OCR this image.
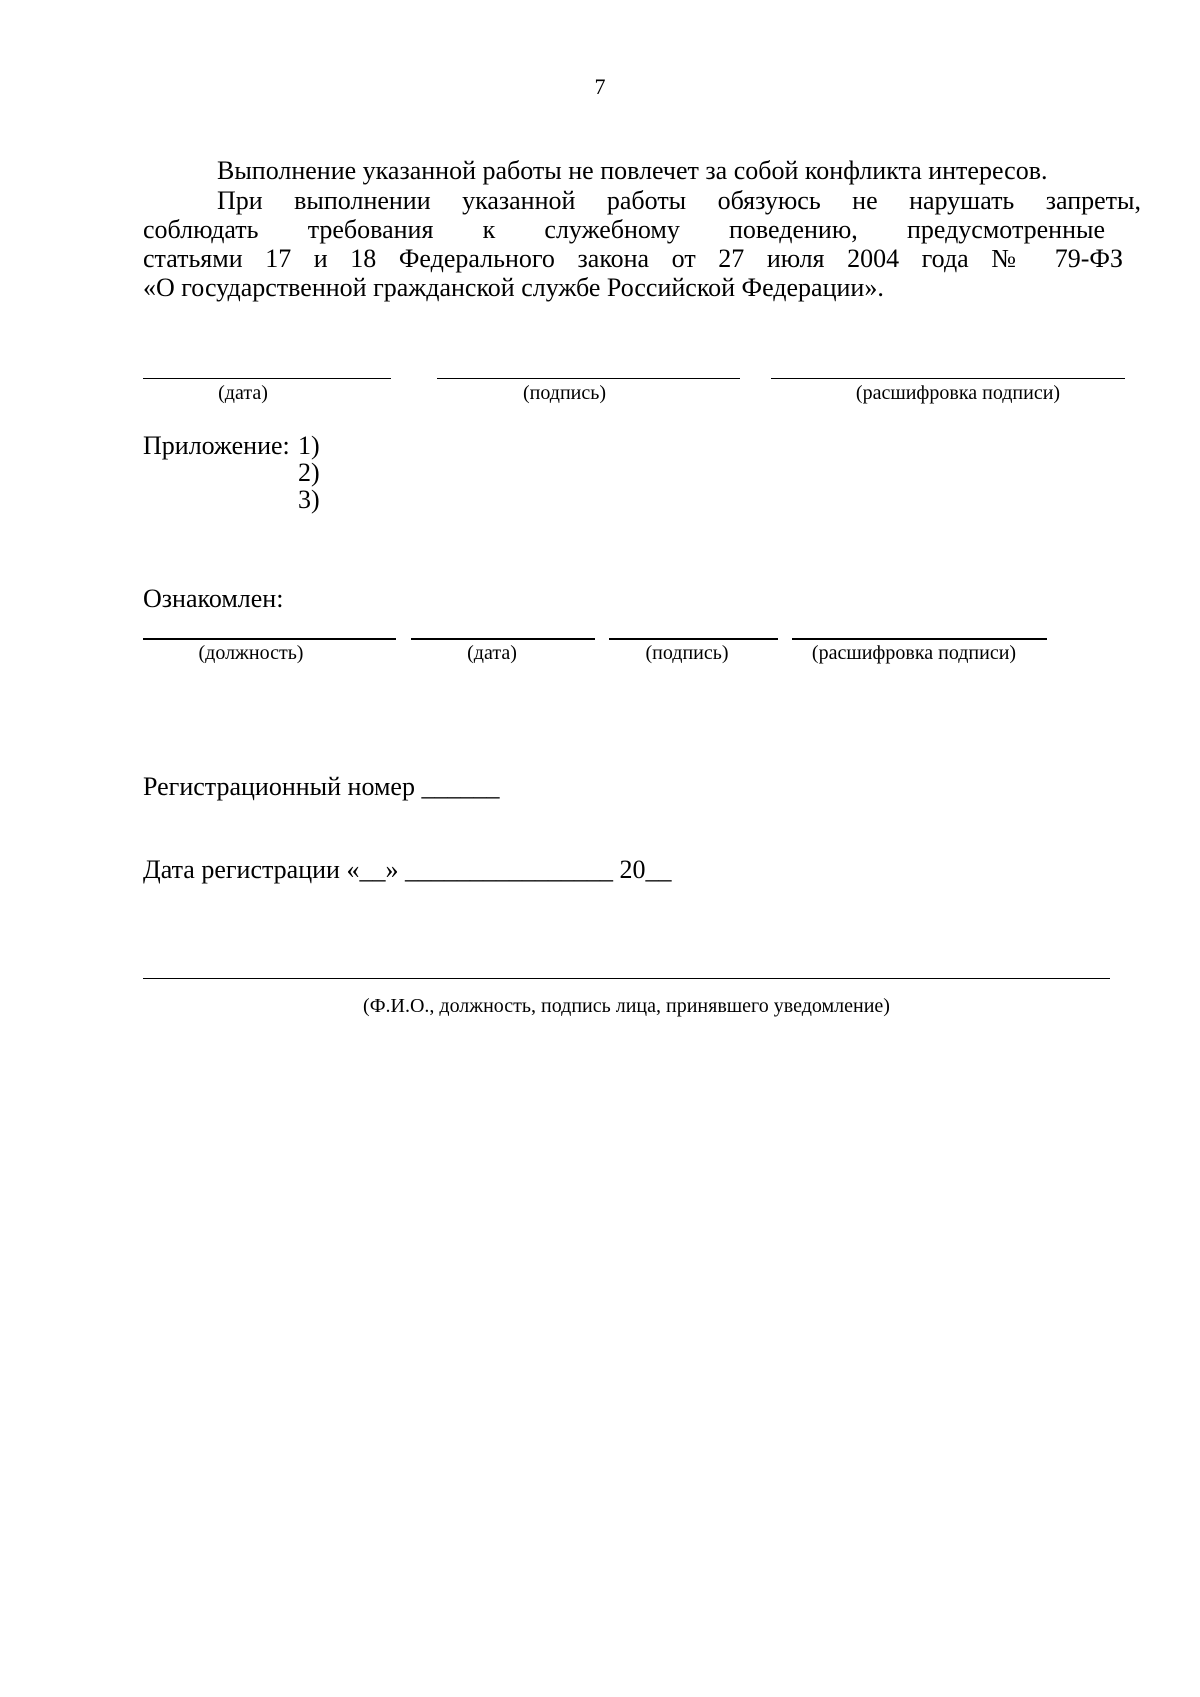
7
Выполнение указанной работы не повлечет за собой конфликта интересов.
При выполнении указанной работы обязуюсь не нарушать запреты,
соблюдать требования к служебному поведению, предусмотренные
статьями 17 и 18 Федерального закона от 27 июля 2004 года № 79-ФЗ
«О государственной гражданской службе Российской Федерации».
(дата)	(подпись)	(расшифровка подписи)
Приложение: 1)
2)
3)
Ознакомлен:
(должность)	(дата)	(подпись)	(расшифровка подписи)
Регистрационный номер ______
Дата регистрации «__» ________________ 20__
(Ф.И.О., должность, подпись лица, принявшего уведомление)
